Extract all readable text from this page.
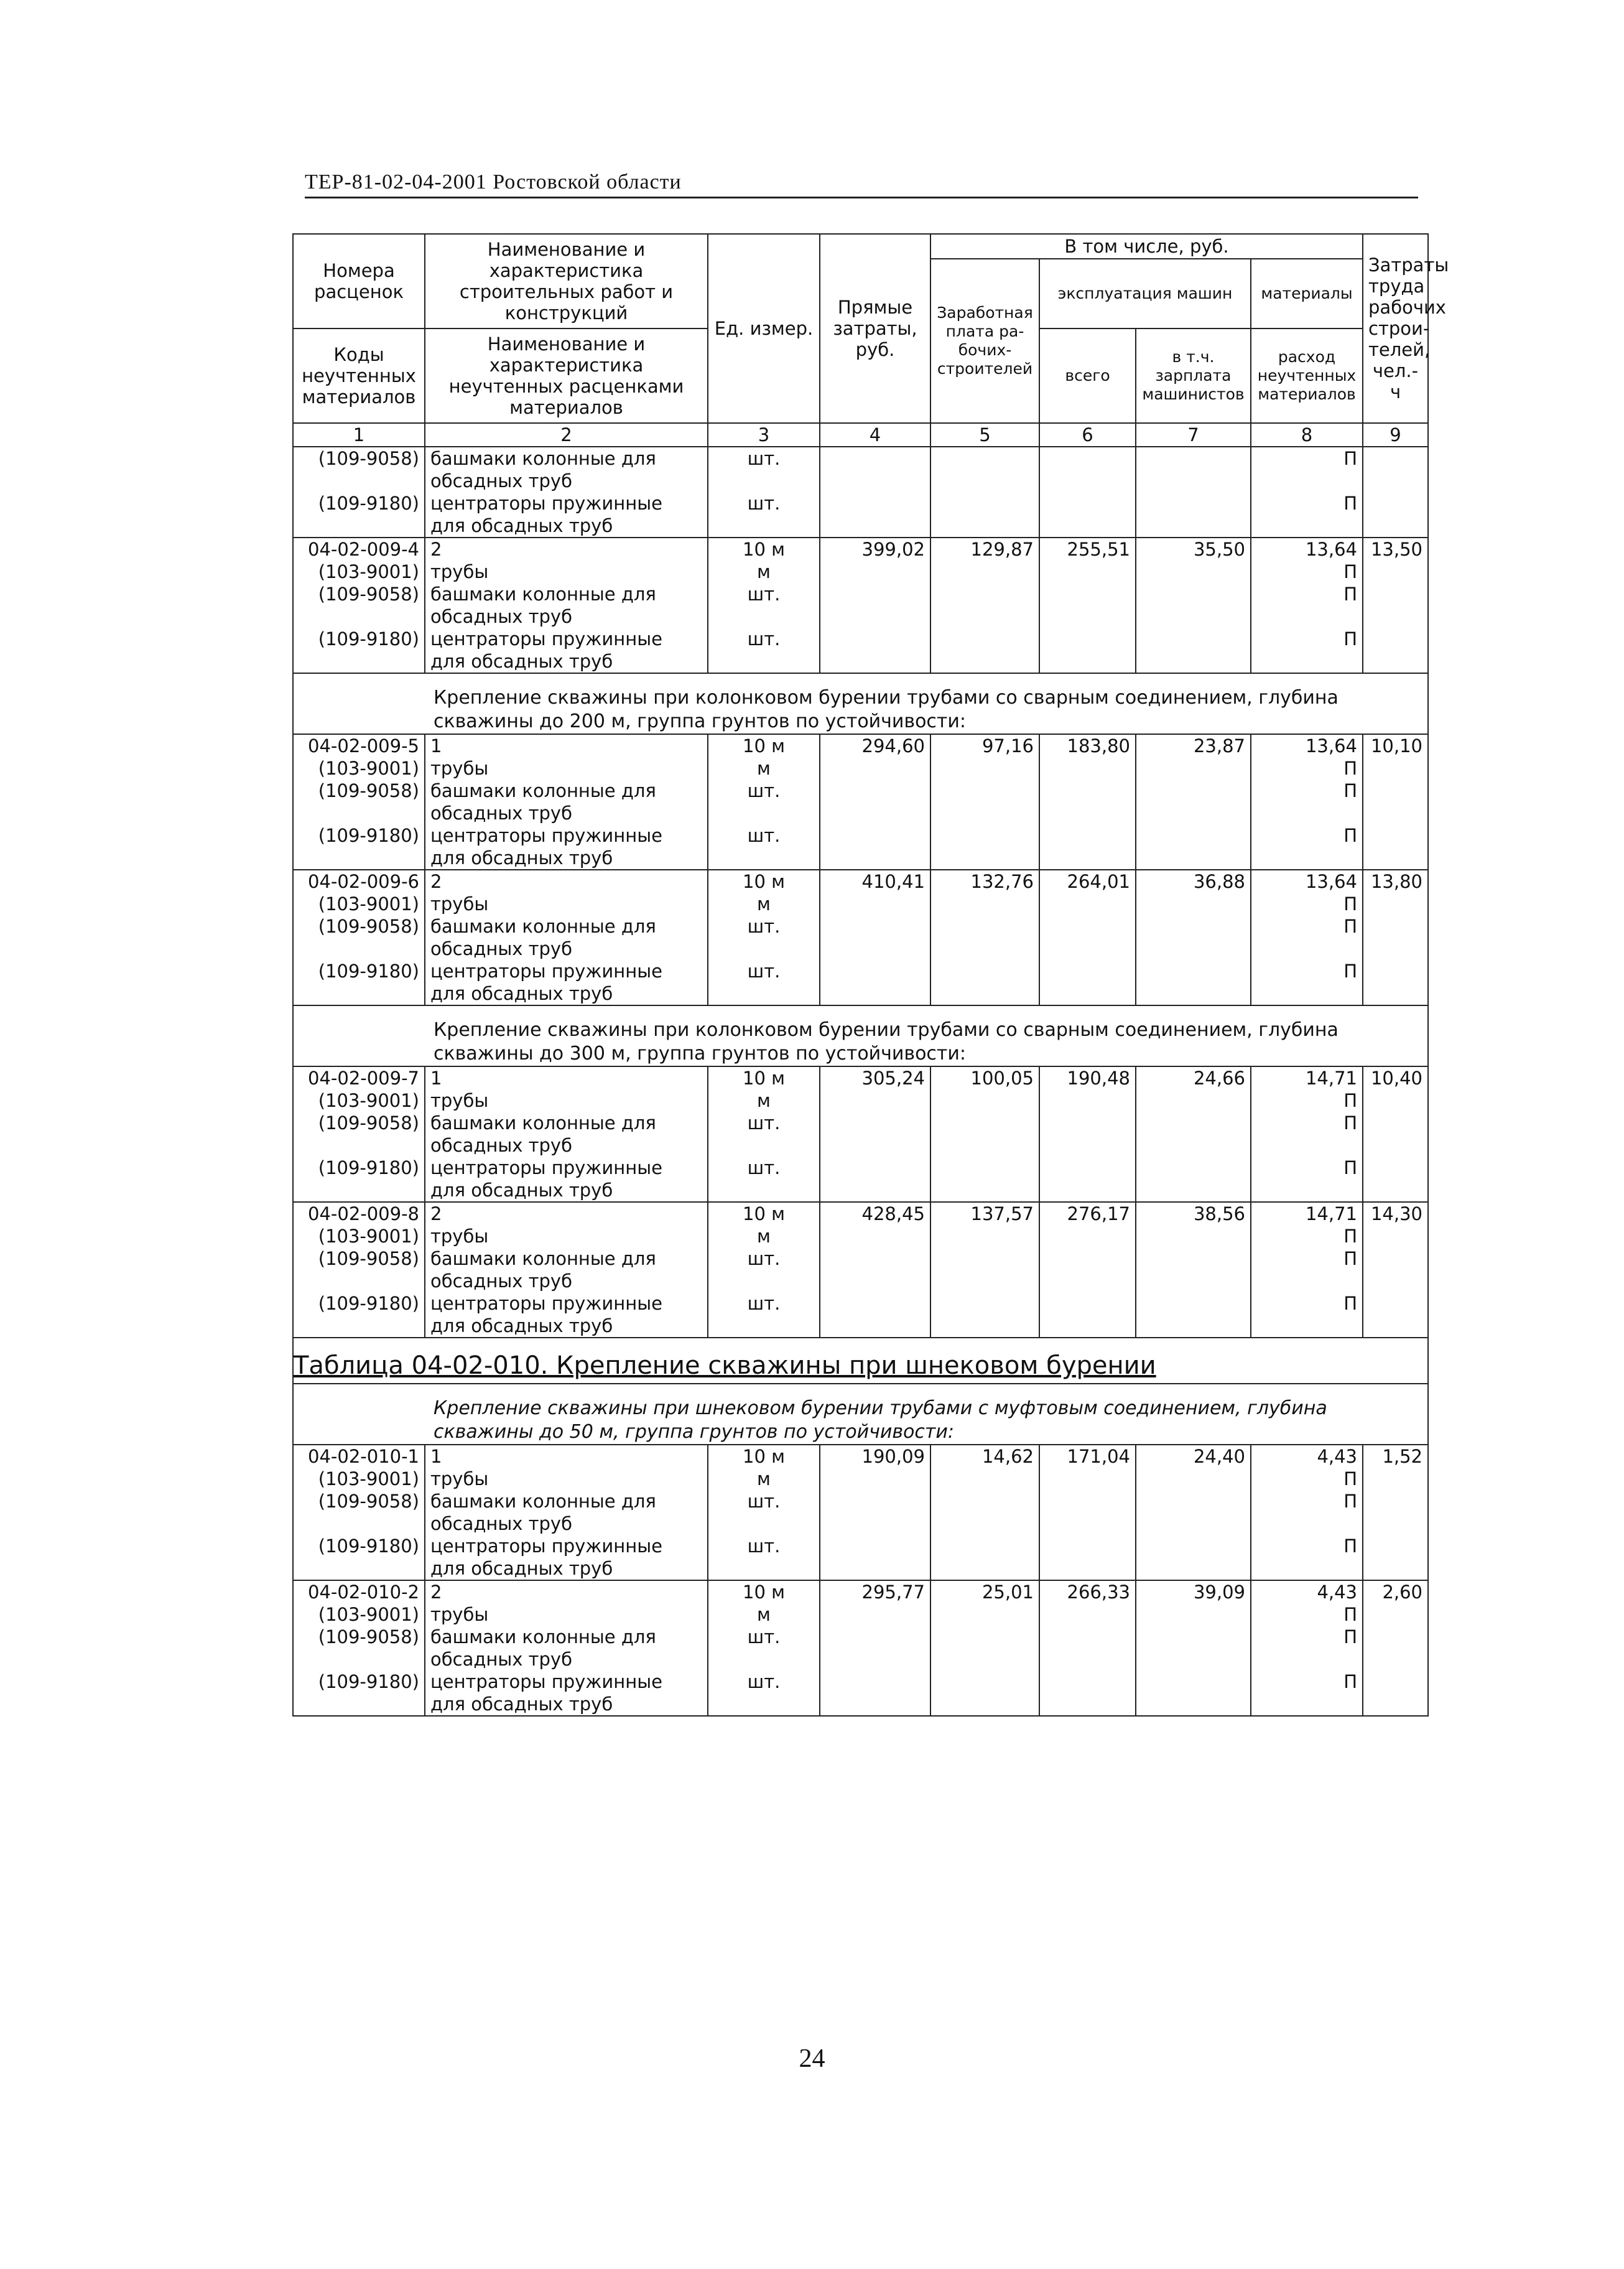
ТЕР-81-02-04-2001 Ростовской области
Номера расценок	Наименование и характеристика строительных работ и конструкций	Ед. измер.	Прямые затраты, руб.	В том числе, руб.				Затраты труда рабочих строи-телей, чел.-ч
				Заработная плата ра-бочих-строителей	эксплуатация машин		материалы	
Коды неучтенных материалов	Наименование и характеристика неучтенных расценками материалов				всего	в т.ч. зарплата машинистов	расход неучтенных материалов	

1	2	3	4	5	6	7	8	9
(109-9058)	башмаки колонные для обсадных труб	шт.					П	
(109-9180)	центраторы пружинные для обсадных труб	шт.					П	
04-02-009-4	2	10 м	399,02	129,87	255,51	35,50	13,64	13,50
(103-9001)	трубы	м					П	
(109-9058)	башмаки колонные для обсадных труб	шт.					П	
(109-9180)	центраторы пружинные для обсадных труб	шт.					П	
Крепление скважины при колонковом бурении трубами со сварным соединением, глубина скважины до 200 м, группа грунтов по устойчивости:								
04-02-009-5	1	10 м	294,60	97,16	183,80	23,87	13,64	10,10
(103-9001)	трубы	м					П	
(109-9058)	башмаки колонные для обсадных труб	шт.					П	
(109-9180)	центраторы пружинные для обсадных труб	шт.					П	
04-02-009-6	2	10 м	410,41	132,76	264,01	36,88	13,64	13,80
(103-9001)	трубы	м					П	
(109-9058)	башмаки колонные для обсадных труб	шт.					П	
(109-9180)	центраторы пружинные для обсадных труб	шт.					П	
Крепление скважины при колонковом бурении трубами со сварным соединением, глубина скважины до 300 м, группа грунтов по устойчивости:								
04-02-009-7	1	10 м	305,24	100,05	190,48	24,66	14,71	10,40
(103-9001)	трубы	м					П	
(109-9058)	башмаки колонные для обсадных труб	шт.					П	
(109-9180)	центраторы пружинные для обсадных труб	шт.					П	
04-02-009-8	2	10 м	428,45	137,57	276,17	38,56	14,71	14,30
(103-9001)	трубы	м					П	
(109-9058)	башмаки колонные для обсадных труб	шт.					П	
(109-9180)	центраторы пружинные для обсадных труб	шт.					П	
Таблица 04-02-010. Крепление скважины при шнековом бурении								
Крепление скважины при шнековом бурении трубами с муфтовым соединением, глубина скважины до 50 м, группа грунтов по устойчивости:								
04-02-010-1	1	10 м	190,09	14,62	171,04	24,40	4,43	1,52
(103-9001)	трубы	м					П	
(109-9058)	башмаки колонные для обсадных труб	шт.					П	
(109-9180)	центраторы пружинные для обсадных труб	шт.					П	
04-02-010-2	2	10 м	295,77	25,01	266,33	39,09	4,43	2,60
(103-9001)	трубы	м					П	
(109-9058)	башмаки колонные для обсадных труб	шт.					П	
(109-9180)	центраторы пружинные для обсадных труб	шт.					П	
24
